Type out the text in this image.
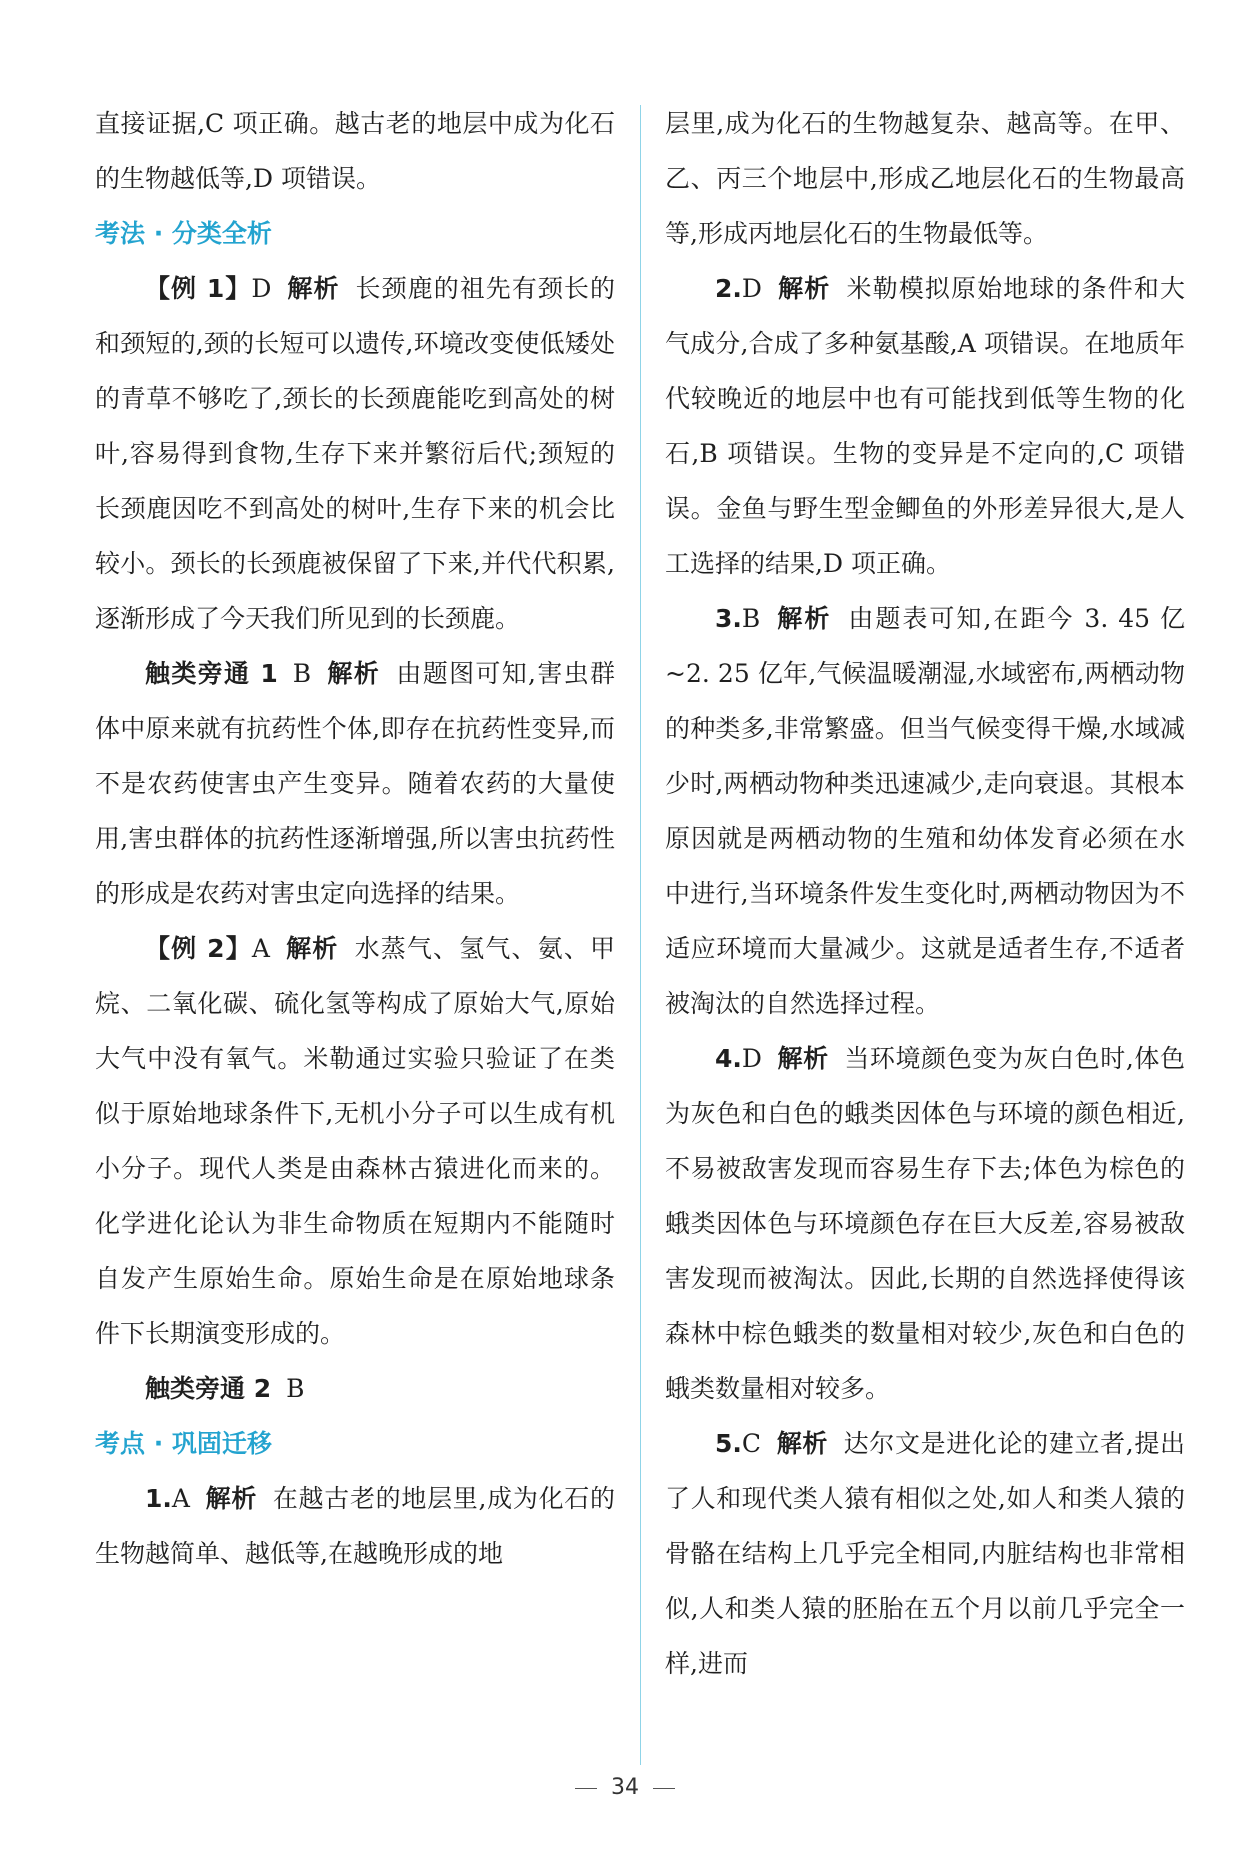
直接证据,C 项正确。越古老的地层中成为化石的生物越低等,D 项错误。

考法 · 分类全析

【例 1】D 解析 长颈鹿的祖先有颈长的和颈短的,颈的长短可以遗传,环境改变使低矮处的青草不够吃了,颈长的长颈鹿能吃到高处的树叶,容易得到食物,生存下来并繁衍后代;颈短的长颈鹿因吃不到高处的树叶,生存下来的机会比较小。颈长的长颈鹿被保留了下来,并代代积累,逐渐形成了今天我们所见到的长颈鹿。

触类旁通 1 B 解析 由题图可知,害虫群体中原来就有抗药性个体,即存在抗药性变异,而不是农药使害虫产生变异。随着农药的大量使用,害虫群体的抗药性逐渐增强,所以害虫抗药性的形成是农药对害虫定向选择的结果。

【例 2】A 解析 水蒸气、氢气、氨、甲烷、二氧化碳、硫化氢等构成了原始大气,原始大气中没有氧气。米勒通过实验只验证了在类似于原始地球条件下,无机小分子可以生成有机小分子。现代人类是由森林古猿进化而来的。化学进化论认为非生命物质在短期内不能随时自发产生原始生命。原始生命是在原始地球条件下长期演变形成的。

触类旁通 2 B

考点 · 巩固迁移

1.A 解析 在越古老的地层里,成为化石的生物越简单、越低等,在越晚形成的地

层里,成为化石的生物越复杂、越高等。在甲、乙、丙三个地层中,形成乙地层化石的生物最高等,形成丙地层化石的生物最低等。

2.D 解析 米勒模拟原始地球的条件和大气成分,合成了多种氨基酸,A 项错误。在地质年代较晚近的地层中也有可能找到低等生物的化石,B 项错误。生物的变异是不定向的,C 项错误。金鱼与野生型金鲫鱼的外形差异很大,是人工选择的结果,D 项正确。

3.B 解析 由题表可知,在距今 3. 45 亿~2. 25 亿年,气候温暖潮湿,水域密布,两栖动物的种类多,非常繁盛。但当气候变得干燥,水域减少时,两栖动物种类迅速减少,走向衰退。其根本原因就是两栖动物的生殖和幼体发育必须在水中进行,当环境条件发生变化时,两栖动物因为不适应环境而大量减少。这就是适者生存,不适者被淘汰的自然选择过程。

4.D 解析 当环境颜色变为灰白色时,体色为灰色和白色的蛾类因体色与环境的颜色相近,不易被敌害发现而容易生存下去;体色为棕色的蛾类因体色与环境颜色存在巨大反差,容易被敌害发现而被淘汰。因此,长期的自然选择使得该森林中棕色蛾类的数量相对较少,灰色和白色的蛾类数量相对较多。

5.C 解析 达尔文是进化论的建立者,提出了人和现代类人猿有相似之处,如人和类人猿的骨骼在结构上几乎完全相同,内脏结构也非常相似,人和类人猿的胚胎在五个月以前几乎完全一样,进而

34
